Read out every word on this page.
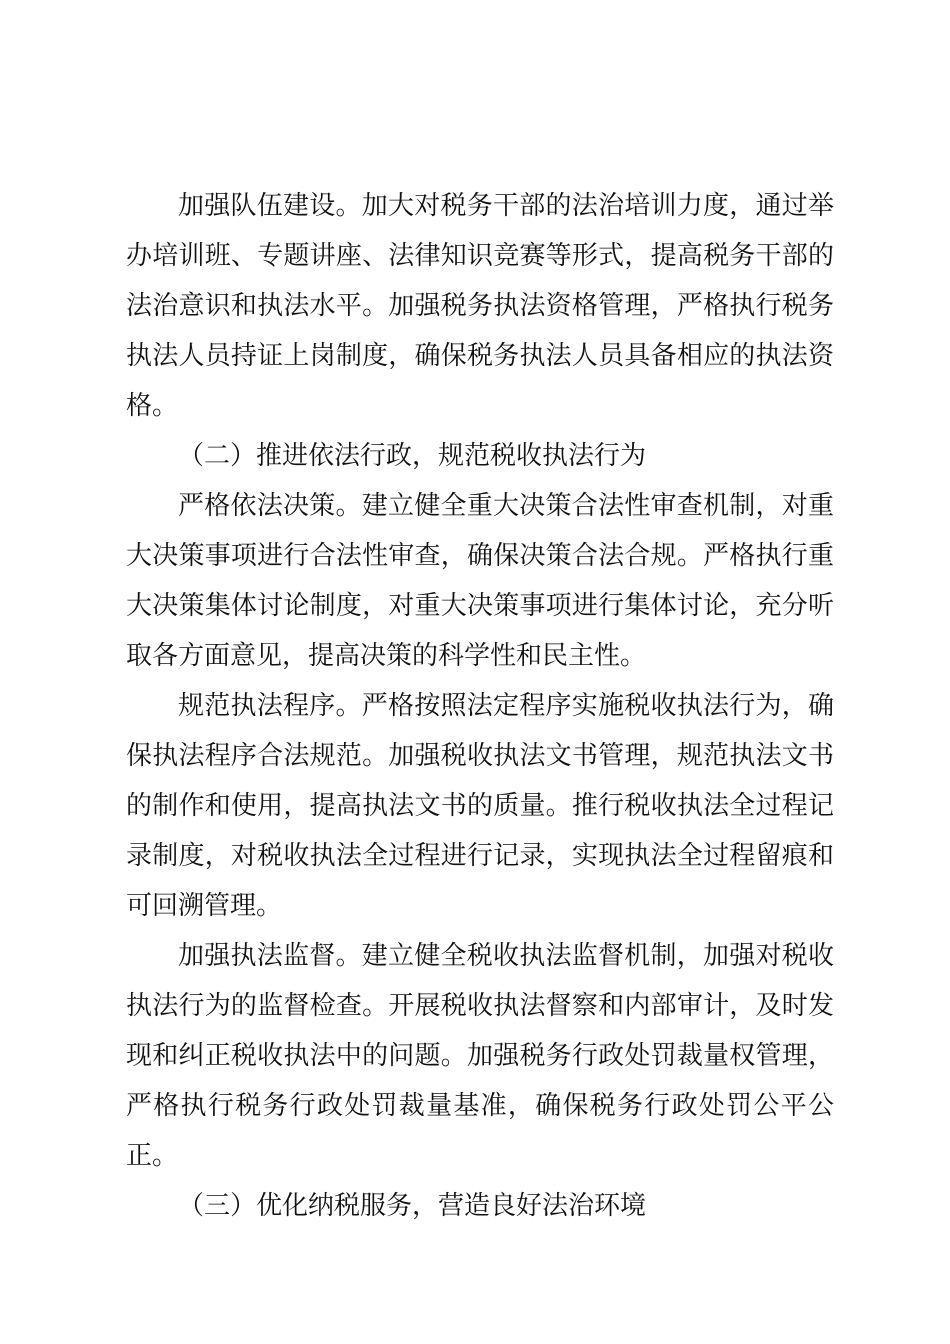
加强队伍建设。加大对税务干部的法治培训力度，通过举办培训班、专题讲座、法律知识竞赛等形式，提高税务干部的法治意识和执法水平。加强税务执法资格管理，严格执行税务执法人员持证上岗制度，确保税务执法人员具备相应的执法资格。

（二）推进依法行政，规范税收执法行为

严格依法决策。建立健全重大决策合法性审查机制，对重大决策事项进行合法性审查，确保决策合法合规。严格执行重大决策集体讨论制度，对重大决策事项进行集体讨论，充分听取各方面意见，提高决策的科学性和民主性。

规范执法程序。严格按照法定程序实施税收执法行为，确保执法程序合法规范。加强税收执法文书管理，规范执法文书的制作和使用，提高执法文书的质量。推行税收执法全过程记录制度，对税收执法全过程进行记录，实现执法全过程留痕和可回溯管理。

加强执法监督。建立健全税收执法监督机制，加强对税收执法行为的监督检查。开展税收执法督察和内部审计，及时发现和纠正税收执法中的问题。加强税务行政处罚裁量权管理，严格执行税务行政处罚裁量基准，确保税务行政处罚公平公正。

（三）优化纳税服务，营造良好法治环境
